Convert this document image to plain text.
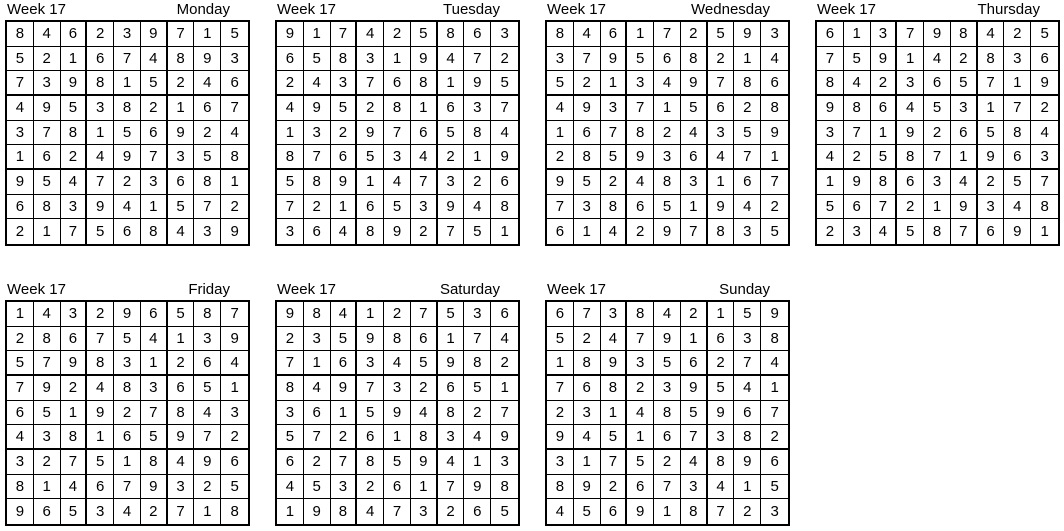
Week 17	Monday
8	4	6	2	3	9	7	1	5
5	2	1	6	7	4	8	9	3
7	3	9	8	1	5	2	4	6
4	9	5	3	8	2	1	6	7
3	7	8	1	5	6	9	2	4
1	6	2	4	9	7	3	5	8
9	5	4	7	2	3	6	8	1
6	8	3	9	4	1	5	7	2
2	1	7	5	6	8	4	3	9
Week 17	Tuesday
9	1	7	4	2	5	8	6	3
6	5	8	3	1	9	4	7	2
2	4	3	7	6	8	1	9	5
4	9	5	2	8	1	6	3	7
1	3	2	9	7	6	5	8	4
8	7	6	5	3	4	2	1	9
5	8	9	1	4	7	3	2	6
7	2	1	6	5	3	9	4	8
3	6	4	8	9	2	7	5	1
Week 17	Wednesday
8	4	6	1	7	2	5	9	3
3	7	9	5	6	8	2	1	4
5	2	1	3	4	9	7	8	6
4	9	3	7	1	5	6	2	8
1	6	7	8	2	4	3	5	9
2	8	5	9	3	6	4	7	1
9	5	2	4	8	3	1	6	7
7	3	8	6	5	1	9	4	2
6	1	4	2	9	7	8	3	5
Week 17	Thursday
6	1	3	7	9	8	4	2	5
7	5	9	1	4	2	8	3	6
8	4	2	3	6	5	7	1	9
9	8	6	4	5	3	1	7	2
3	7	1	9	2	6	5	8	4
4	2	5	8	7	1	9	6	3
1	9	8	6	3	4	2	5	7
5	6	7	2	1	9	3	4	8
2	3	4	5	8	7	6	9	1
Week 17	Friday
1	4	3	2	9	6	5	8	7
2	8	6	7	5	4	1	3	9
5	7	9	8	3	1	2	6	4
7	9	2	4	8	3	6	5	1
6	5	1	9	2	7	8	4	3
4	3	8	1	6	5	9	7	2
3	2	7	5	1	8	4	9	6
8	1	4	6	7	9	3	2	5
9	6	5	3	4	2	7	1	8
Week 17	Saturday
9	8	4	1	2	7	5	3	6
2	3	5	9	8	6	1	7	4
7	1	6	3	4	5	9	8	2
8	4	9	7	3	2	6	5	1
3	6	1	5	9	4	8	2	7
5	7	2	6	1	8	3	4	9
6	2	7	8	5	9	4	1	3
4	5	3	2	6	1	7	9	8
1	9	8	4	7	3	2	6	5
Week 17	Sunday
6	7	3	8	4	2	1	5	9
5	2	4	7	9	1	6	3	8
1	8	9	3	5	6	2	7	4
7	6	8	2	3	9	5	4	1
2	3	1	4	8	5	9	6	7
9	4	5	1	6	7	3	8	2
3	1	7	5	2	4	8	9	6
8	9	2	6	7	3	4	1	5
4	5	6	9	1	8	7	2	3
